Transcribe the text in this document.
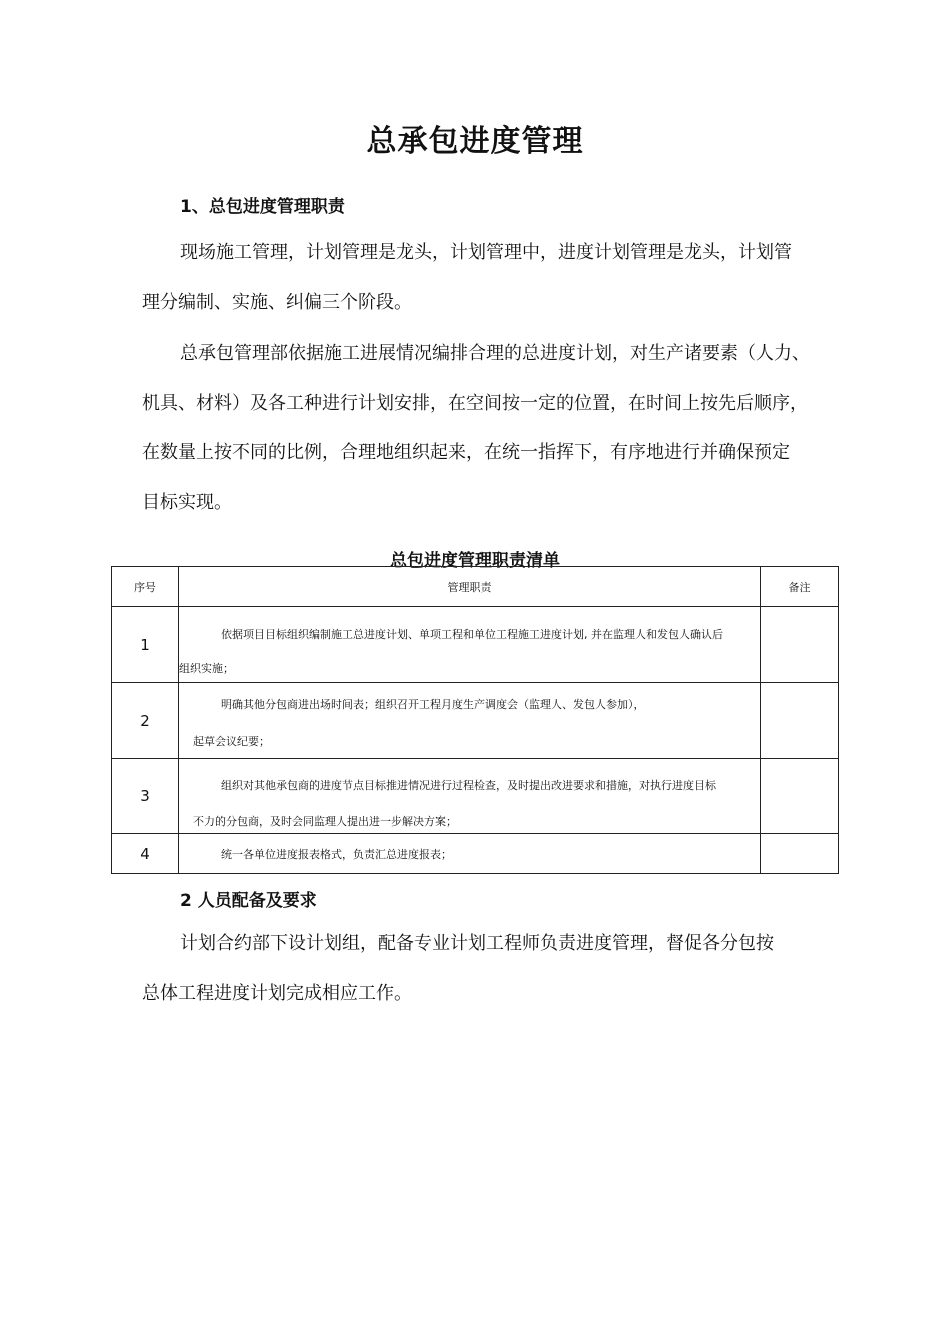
总承包进度管理
1、总包进度管理职责
现场施工管理，计划管理是龙头，计划管理中，进度计划管理是龙头，计划管
理分编制、实施、纠偏三个阶段。
总承包管理部依据施工进展情况编排合理的总进度计划，对生产诸要素（人力、
机具、材料）及各工种进行计划安排，在空间按一定的位置，在时间上按先后顺序，
在数量上按不同的比例，合理地组织起来，在统一指挥下，有序地进行并确保预定
目标实现。
总包进度管理职责清单
序号	管理职责	备注
1	依据项目目标组织编制施工总进度计划、单项工程和单位工程施工进度计划, 并在监理人和发包人确认后
组织实施；	

2	明确其他分包商进出场时间表；组织召开工程月度生产调度会（监理人、发包人参加），
起草会议纪要；	

3	组织对其他承包商的进度节点目标推进情况进行过程检查，及时提出改进要求和措施，对执行进度目标
不力的分包商，及时会同监理人提出进一步解决方案；	

4	统一各单位进度报表格式，负责汇总进度报表；	

2 人员配备及要求
计划合约部下设计划组，配备专业计划工程师负责进度管理，督促各分包按
总体工程进度计划完成相应工作。
